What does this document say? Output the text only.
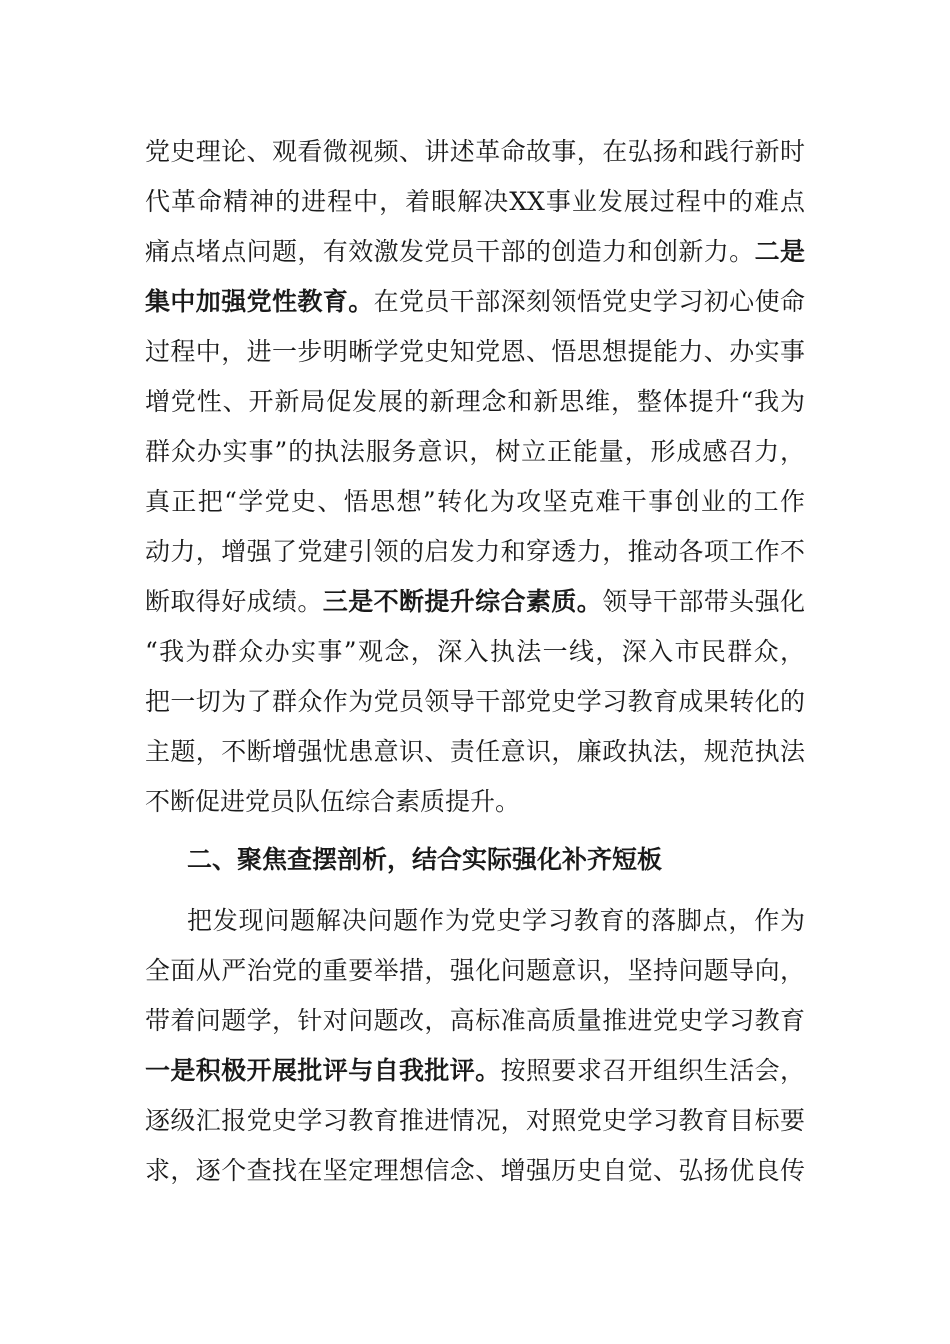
党史理论、观看微视频、讲述革命故事，在弘扬和践行新时
代革命精神的进程中，着眼解决XX事业发展过程中的难点
痛点堵点问题，有效激发党员干部的创造力和创新力。二是
集中加强党性教育。在党员干部深刻领悟党史学习初心使命
过程中，进一步明晰学党史知党恩、悟思想提能力、办实事
增党性、开新局促发展的新理念和新思维，整体提升“我为
群众办实事”的执法服务意识，树立正能量，形成感召力，
真正把“学党史、悟思想”转化为攻坚克难干事创业的工作
动力，增强了党建引领的启发力和穿透力，推动各项工作不
断取得好成绩。三是不断提升综合素质。领导干部带头强化
“我为群众办实事”观念，深入执法一线，深入市民群众，
把一切为了群众作为党员领导干部党史学习教育成果转化的
主题，不断增强忧患意识、责任意识，廉政执法，规范执法
不断促进党员队伍综合素质提升。
二、聚焦查摆剖析，结合实际强化补齐短板
把发现问题解决问题作为党史学习教育的落脚点，作为
全面从严治党的重要举措，强化问题意识，坚持问题导向，
带着问题学，针对问题改，高标准高质量推进党史学习教育
一是积极开展批评与自我批评。按照要求召开组织生活会，
逐级汇报党史学习教育推进情况，对照党史学习教育目标要
求，逐个查找在坚定理想信念、增强历史自觉、弘扬优良传
